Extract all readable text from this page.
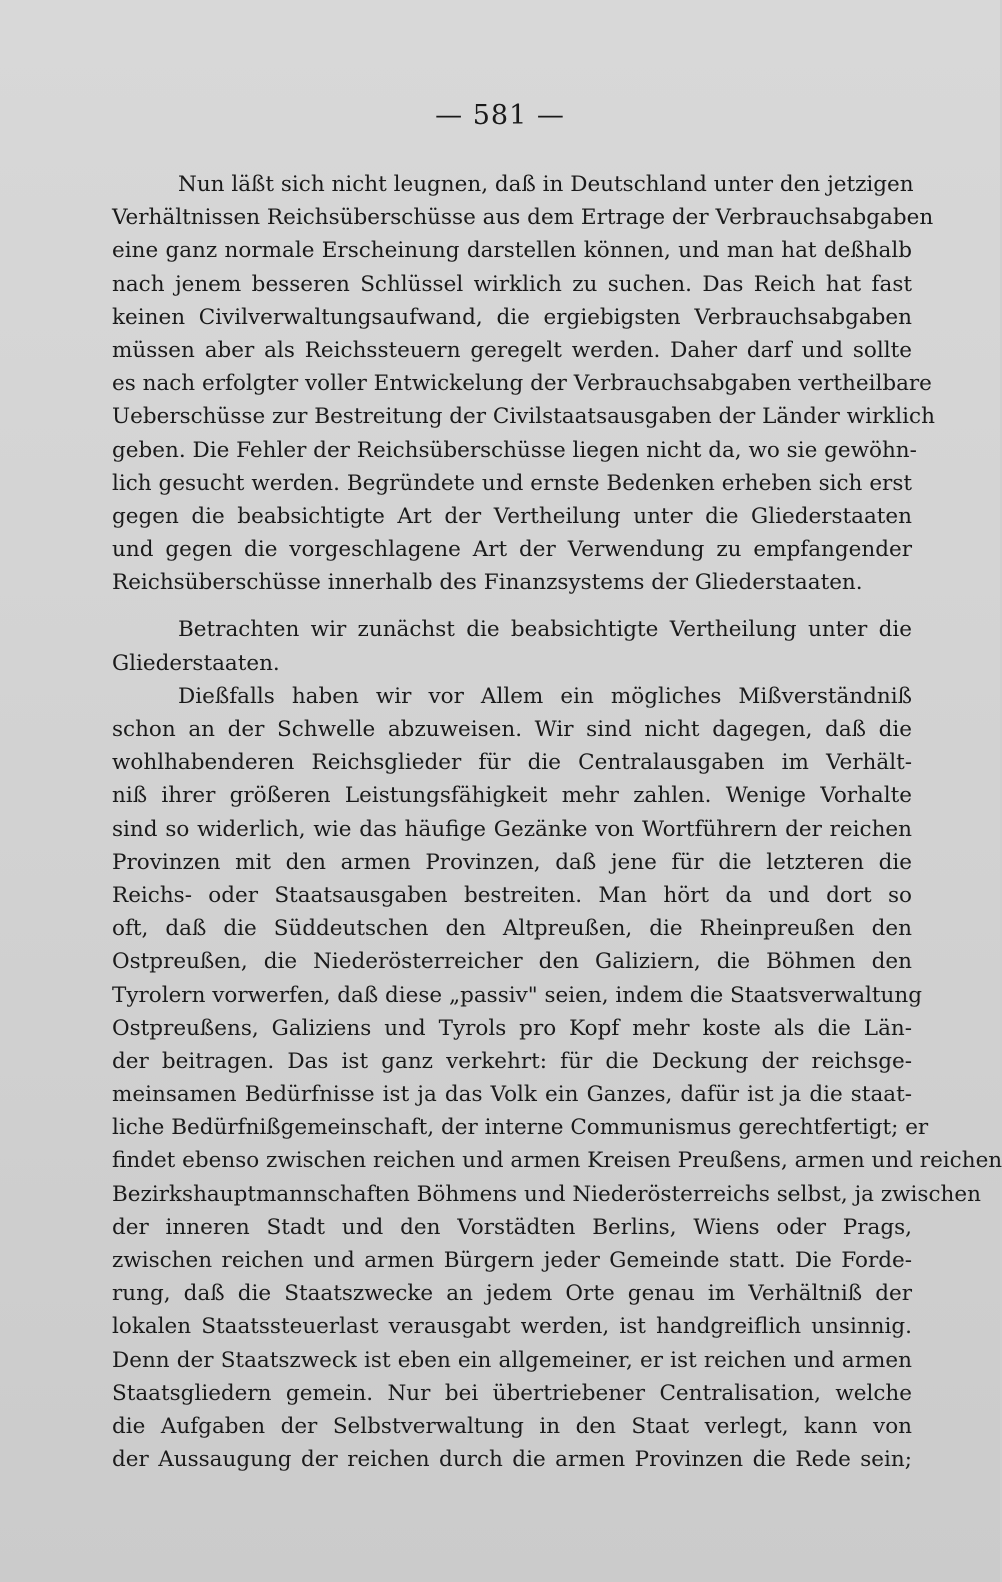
— 581 —
Nun läßt sich nicht leugnen, daß in Deutschland unter den jetzigen
Verhältnissen Reichsüberschüsse aus dem Ertrage der Verbrauchsabgaben
eine ganz normale Erscheinung darstellen können, und man hat deßhalb
nach jenem besseren Schlüssel wirklich zu suchen. Das Reich hat fast
keinen Civilverwaltungsaufwand, die ergiebigsten Verbrauchsabgaben
müssen aber als Reichssteuern geregelt werden. Daher darf und sollte
es nach erfolgter voller Entwickelung der Verbrauchsabgaben vertheilbare
Ueberschüsse zur Bestreitung der Civilstaatsausgaben der Länder wirklich
geben. Die Fehler der Reichsüberschüsse liegen nicht da, wo sie gewöhn-
lich gesucht werden. Begründete und ernste Bedenken erheben sich erst
gegen die beabsichtigte Art der Vertheilung unter die Gliederstaaten
und gegen die vorgeschlagene Art der Verwendung zu empfangender
Reichsüberschüsse innerhalb des Finanzsystems der Gliederstaaten.
Betrachten wir zunächst die beabsichtigte Vertheilung unter die
Gliederstaaten.
Dießfalls haben wir vor Allem ein mögliches Mißverständniß
schon an der Schwelle abzuweisen. Wir sind nicht dagegen, daß die
wohlhabenderen Reichsglieder für die Centralausgaben im Verhält-
niß ihrer größeren Leistungsfähigkeit mehr zahlen. Wenige Vorhalte
sind so widerlich, wie das häufige Gezänke von Wortführern der reichen
Provinzen mit den armen Provinzen, daß jene für die letzteren die
Reichs- oder Staatsausgaben bestreiten. Man hört da und dort so
oft, daß die Süddeutschen den Altpreußen, die Rheinpreußen den
Ostpreußen, die Niederösterreicher den Galiziern, die Böhmen den
Tyrolern vorwerfen, daß diese „passiv" seien, indem die Staatsverwaltung
Ostpreußens, Galiziens und Tyrols pro Kopf mehr koste als die Län-
der beitragen. Das ist ganz verkehrt: für die Deckung der reichsge-
meinsamen Bedürfnisse ist ja das Volk ein Ganzes, dafür ist ja die staat-
liche Bedürfnißgemeinschaft, der interne Communismus gerechtfertigt; er
findet ebenso zwischen reichen und armen Kreisen Preußens, armen und reichen
Bezirkshauptmannschaften Böhmens und Niederösterreichs selbst, ja zwischen
der inneren Stadt und den Vorstädten Berlins, Wiens oder Prags,
zwischen reichen und armen Bürgern jeder Gemeinde statt. Die Forde-
rung, daß die Staatszwecke an jedem Orte genau im Verhältniß der
lokalen Staatssteuerlast verausgabt werden, ist handgreiflich unsinnig.
Denn der Staatszweck ist eben ein allgemeiner, er ist reichen und armen
Staatsgliedern gemein. Nur bei übertriebener Centralisation, welche
die Aufgaben der Selbstverwaltung in den Staat verlegt, kann von
der Aussaugung der reichen durch die armen Provinzen die Rede sein;
